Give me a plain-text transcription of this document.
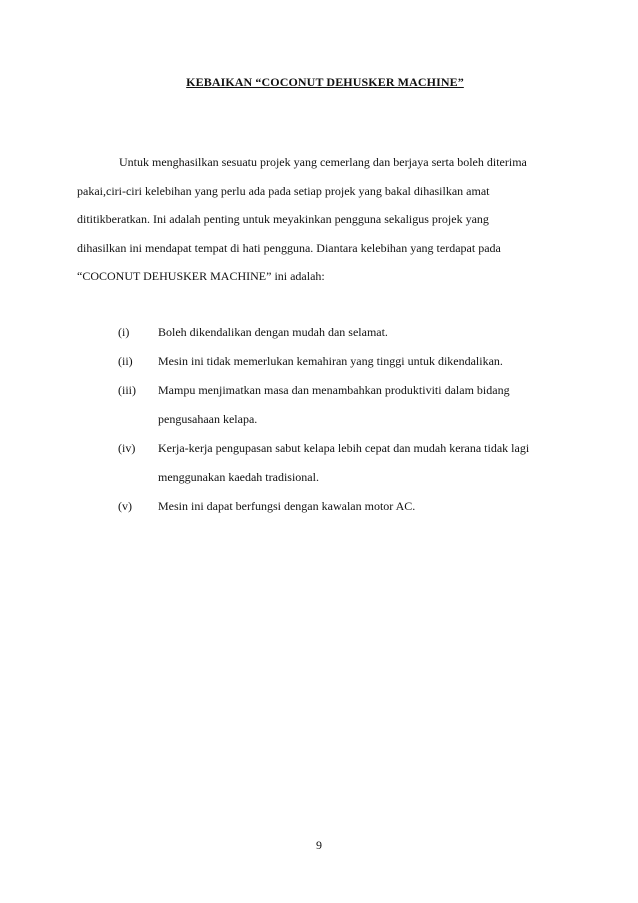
KEBAIKAN “COCONUT DEHUSKER MACHINE”
Untuk menghasilkan sesuatu projek yang cemerlang dan berjaya serta boleh diterima
pakai,ciri-ciri kelebihan yang perlu ada pada setiap projek yang bakal dihasilkan amat
dititikberatkan. Ini adalah penting untuk meyakinkan pengguna sekaligus projek yang
dihasilkan ini mendapat tempat di hati pengguna. Diantara kelebihan yang terdapat pada
“COCONUT DEHUSKER MACHINE” ini adalah:
(i)	Boleh dikendalikan dengan mudah dan selamat.
(ii)	Mesin ini tidak memerlukan kemahiran yang tinggi untuk dikendalikan.
(iii)	Mampu menjimatkan masa dan menambahkan produktiviti dalam bidang
pengusahaan kelapa.
(iv)	Kerja-kerja pengupasan sabut kelapa lebih cepat dan mudah kerana tidak lagi
menggunakan kaedah tradisional.
(v)	Mesin ini dapat berfungsi dengan kawalan motor AC.
9
